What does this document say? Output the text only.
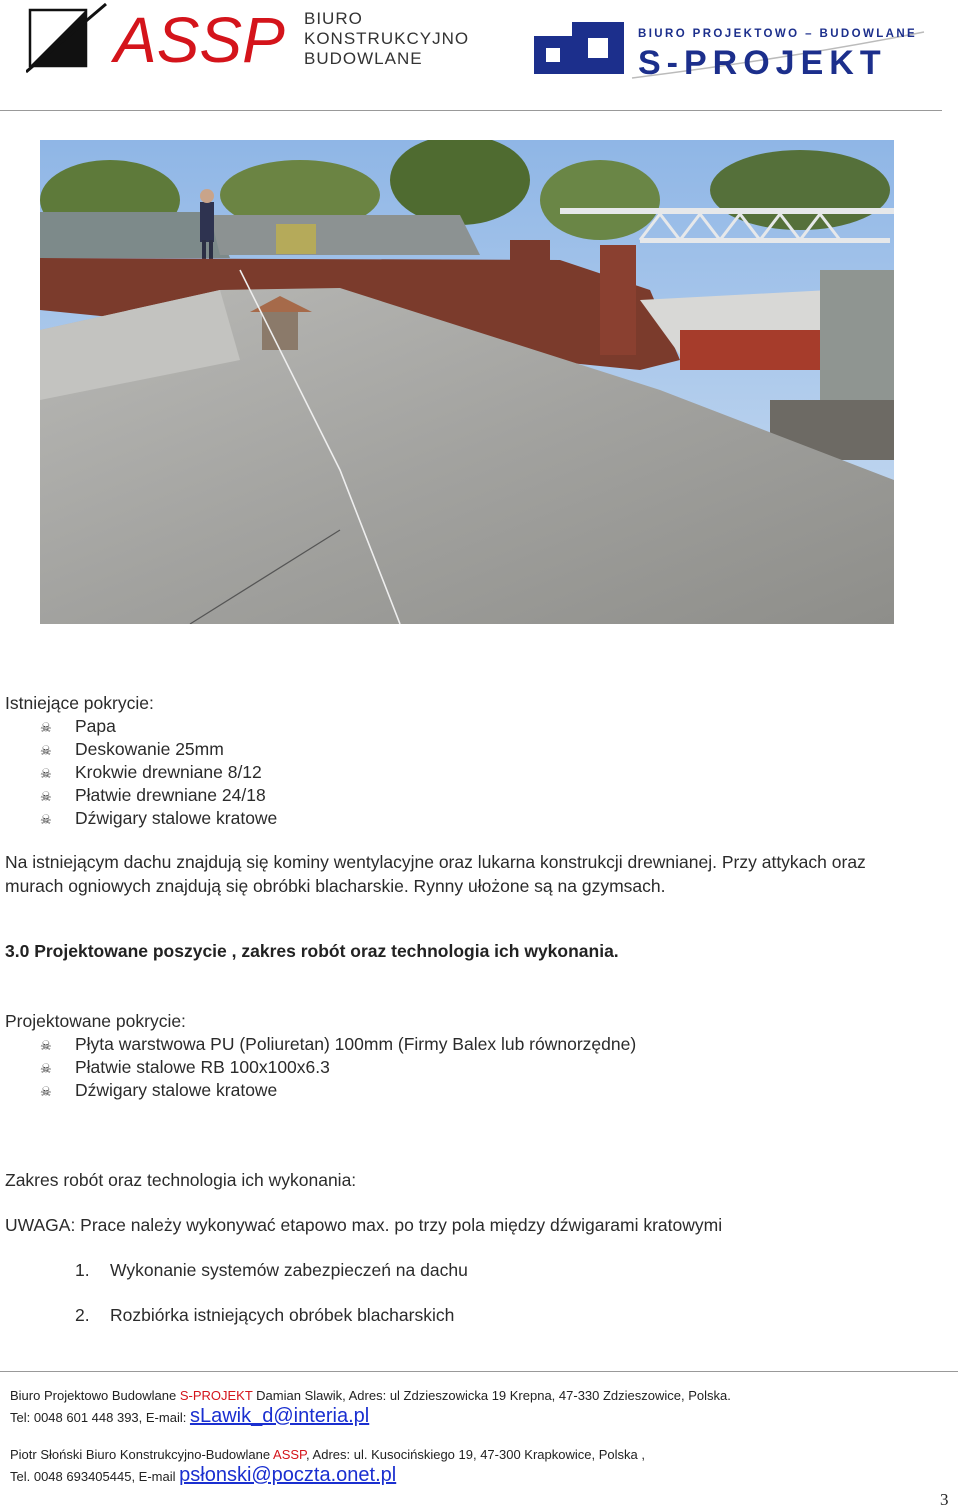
ASSP BIURO
KONSTRUKCYJNO
BUDOWLANE
BIURO PROJEKTOWO – BUDOWLANE
S-PROJEKT
Istniejące pokrycie:
☠ Papa
☠ Deskowanie 25mm
☠ Krokwie drewniane 8/12
☠ Płatwie drewniane 24/18
☠ Dźwigary stalowe kratowe
Na istniejącym dachu znajdują się kominy wentylacyjne oraz lukarna konstrukcji drewnianej. Przy attykach oraz murach ogniowych znajdują się obróbki blacharskie. Rynny ułożone są na gzymsach.
3.0 Projektowane poszycie , zakres robót oraz technologia ich wykonania.
Projektowane pokrycie:
☠ Płyta warstwowa PU (Poliuretan) 100mm (Firmy Balex lub równorzędne)
☠ Płatwie stalowe RB 100x100x6.3
☠ Dźwigary stalowe kratowe
Zakres robót oraz technologia ich wykonania:
UWAGA: Prace należy wykonywać etapowo max. po trzy pola między dźwigarami kratowymi
1. Wykonanie systemów zabezpieczeń na dachu
2. Rozbiórka istniejących obróbek blacharskich
Biuro Projektowo Budowlane S-PROJEKT Damian Slawik, Adres: ul Zdzieszowicka 19 Krepna, 47-330 Zdzieszowice, Polska.
Tel: 0048 601 448 393, E-mail: sLawik_d@interia.pl
Piotr Słoński Biuro Konstrukcyjno-Budowlane ASSP, Adres: ul. Kusocińskiego 19, 47-300 Krapkowice, Polska ,
Tel. 0048 693405445, E-mail psłonski@poczta.onet.pl
3
